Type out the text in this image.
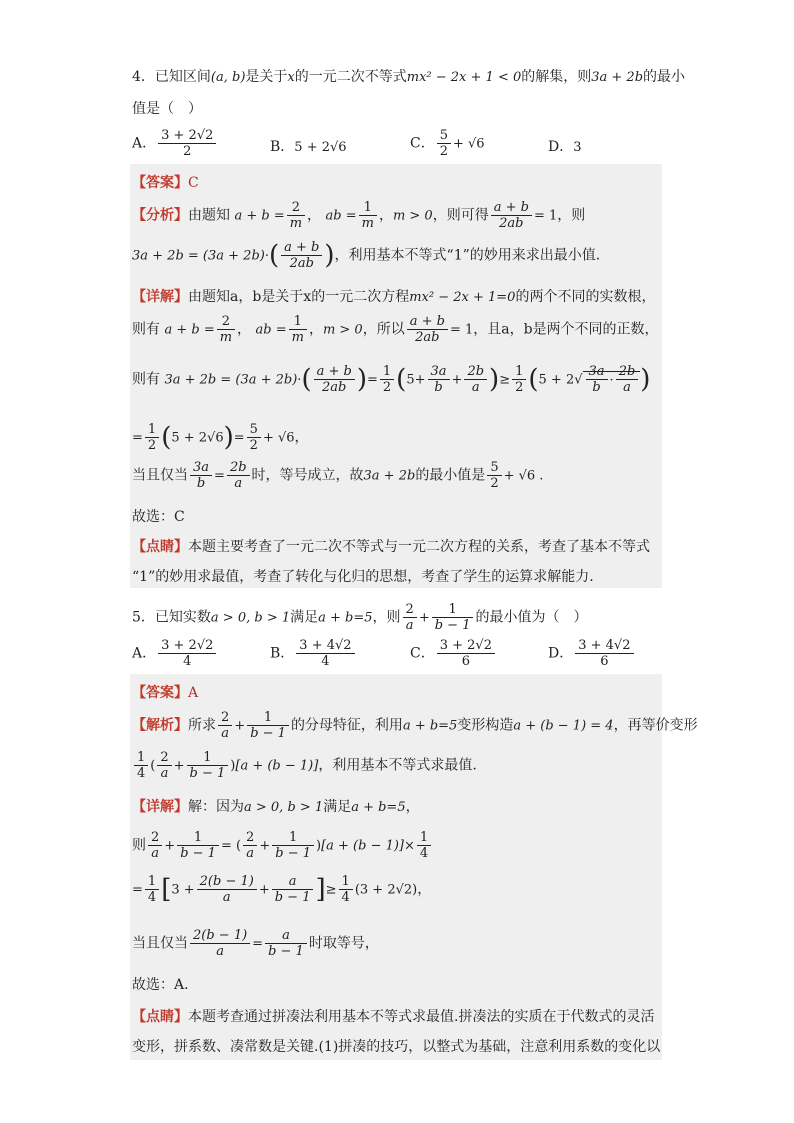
4．已知区间(a, b)是关于x的一元二次不等式mx² − 2x + 1 < 0的解集，则3a + 2b的最小
值是（　）
A． $\frac{3 + 2√2}{2}$	B．5 + 2√6	C． $\frac{5}{2} + √6$	D．3
【答案】C
【分析】由题知 $a + b = \frac{2}{m}$ ， ab = $\frac{1}{m}$ ，m > 0，则可得 $\frac{a + b}{2ab} = 1$，则
$3a + 2b = (3a + 2b)\cdot( \frac{a + b}{2ab}$ )，利用基本不等式“1”的妙用来求出最小值.
【详解】由题知a，b是关于x的一元二次方程mx² − 2x + 1=0的两个不同的实数根，
则有 $a + b = \frac{2}{m}$ ， ab = $\frac{1}{m}$ ，m > 0，所以 $\frac{a + b}{2ab} = 1$，且a，b是两个不同的正数，
则有 $3a + 2b = (3a + 2b)\cdot( \frac{a + b}{2ab}$ )= $\frac{1}{2} (5+ \frac{3a}{b} + \frac{2b}{a}$ )≥ $\frac{1}{2} (5 + 2√ \frac{3a}{b} \cdot \frac{2b}{a}$ )
= $\frac{1}{2} (5 + 2√6)= \frac{5}{2} + √6$，
当且仅当 $\frac{3a}{b} = \frac{2b}{a}$ 时，等号成立，故3a + 2b的最小值是 $\frac{5}{2} + √6$ .
故选：C
【点睛】本题主要考查了一元二次不等式与一元二次方程的关系，考查了基本不等式
“1”的妙用求最值，考查了转化与化归的思想，考查了学生的运算求解能力.
5．已知实数a > 0, b > 1满足a + b=5，则 $\frac{2}{a} + \frac{1}{b - 1}$ 的最小值为（　）
A． $\frac{3 + 2√2}{4}$	B． $\frac{3 + 4√2}{4}$	C． $\frac{3 + 2√2}{6}$	D． $\frac{3 + 4√2}{6}$
【答案】A
【解析】所求 $\frac{2}{a} + \frac{1}{b - 1}$ 的分母特征，利用a + b=5变形构造a + (b − 1) = 4，再等价变形
$\frac{1}{4}$ ( $\frac{2}{a} + \frac{1}{b - 1} )[a + (b - 1)]$，利用基本不等式求最值.
【详解】解：因为a > 0, b > 1满足a + b=5，
则 $\frac{2}{a} + \frac{1}{b - 1}$ = ( $\frac{2}{a} + \frac{1}{b - 1} )[a + (b - 1)]\times \frac{1}{4}$
= $\frac{1}{4} [3 + \frac{2(b - 1)}{a} + \frac{a}{b - 1}$ ]≥ $\frac{1}{4} (3 + 2√2)$，
当且仅当 $\frac{2(b - 1)}{a} = \frac{a}{b - 1}$ 时取等号，
故选：A．
【点睛】本题考查通过拼凑法利用基本不等式求最值.拼凑法的实质在于代数式的灵活
变形，拼系数、凑常数是关键.(1)拼凑的技巧，以整式为基础，注意利用系数的变化以
